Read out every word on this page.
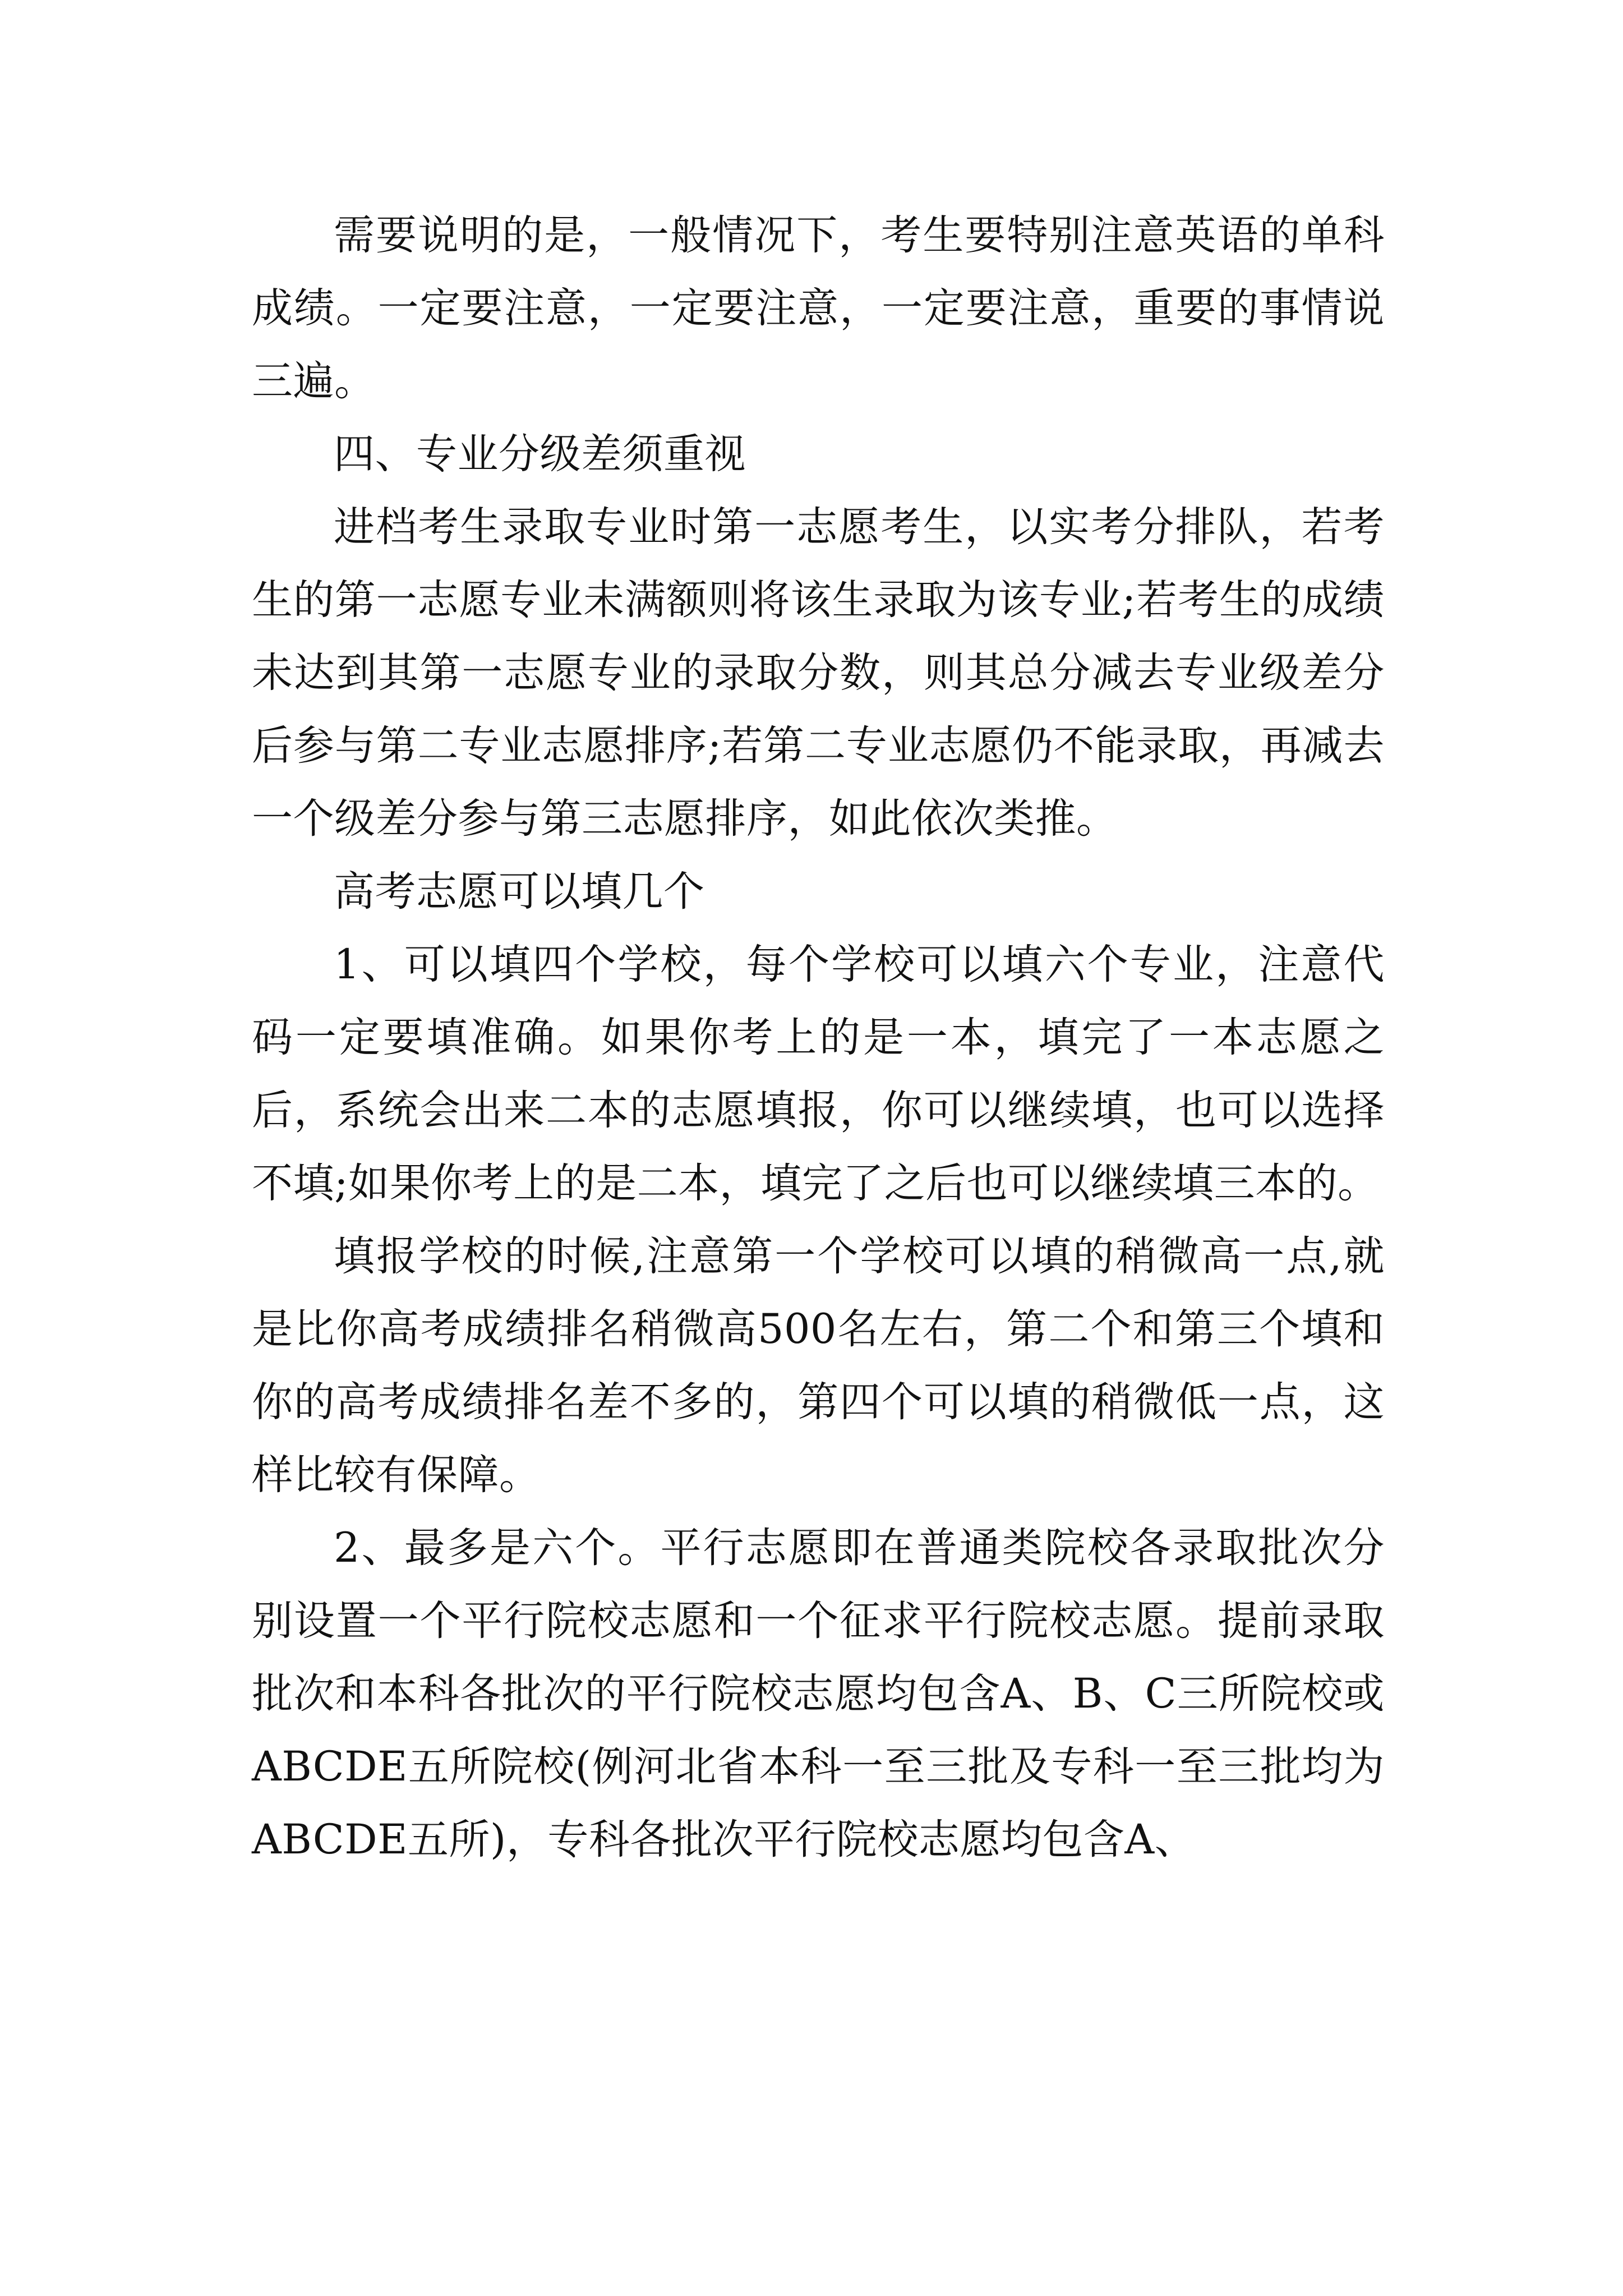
需要说明的是，一般情况下，考生要特别注意英语的单科成绩。一定要注意，一定要注意，一定要注意，重要的事情说三遍。

四、专业分级差须重视

进档考生录取专业时第一志愿考生，以实考分排队，若考生的第一志愿专业未满额则将该生录取为该专业;若考生的成绩未达到其第一志愿专业的录取分数，则其总分减去专业级差分后参与第二专业志愿排序;若第二专业志愿仍不能录取，再减去一个级差分参与第三志愿排序，如此依次类推。

高考志愿可以填几个

1、可以填四个学校，每个学校可以填六个专业，注意代码一定要填准确。如果你考上的是一本，填完了一本志愿之后，系统会出来二本的志愿填报，你可以继续填，也可以选择不填;如果你考上的是二本，填完了之后也可以继续填三本的。

填报学校的时候,注意第一个学校可以填的稍微高一点,就是比你高考成绩排名稍微高500名左右，第二个和第三个填和你的高考成绩排名差不多的，第四个可以填的稍微低一点，这样比较有保障。

2、最多是六个。平行志愿即在普通类院校各录取批次分别设置一个平行院校志愿和一个征求平行院校志愿。提前录取批次和本科各批次的平行院校志愿均包含A、B、C三所院校或ABCDE五所院校(例河北省本科一至三批及专科一至三批均为ABCDE五所)，专科各批次平行院校志愿均包含A、
